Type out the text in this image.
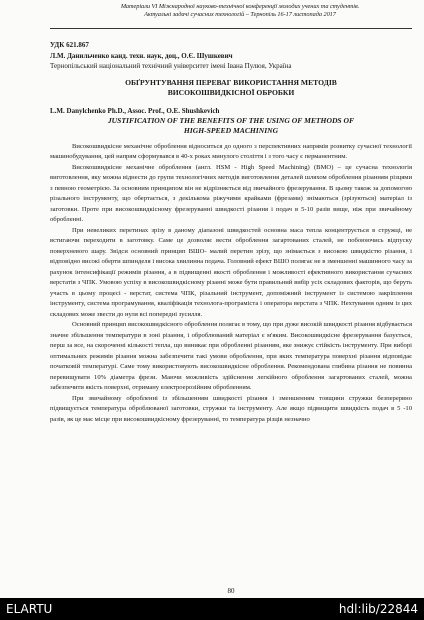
Матеріали VI Міжнародної науково-технічної конференції молодих учених та студентів.
Актуальні задачі сучасних технологій – Тернопіль 16-17 листопада 2017

УДК 621.867

Л.М. Данильченко канд. техн. наук, доц., О.Є. Шушкевич

Тернопільський національний технічний університет імені Івана Пулюя, Україна

ОБҐРУНТУВАННЯ ПЕРЕВАГ ВИКОРИСТАННЯ МЕТОДІВ
ВИСОКОШВИДКІСНОЇ ОБРОБКИ

L.M. Danylchenko Ph.D., Assoc. Prof., O.E. Shushkevich

JUSTIFICATION OF THE BENEFITS OF THE USING OF METHODS OF
HIGH-SPEED MACHINING

Високошвидкісне механічне оброблення відноситься до одного з перспективних напрямів розвитку сучасної технології машинобудування, цей напрям сформувався в 40-х роках минулого століття і з того часу є перманентним.

Високошвидкісне механічне оброблення (англ. HSM - High Speed Machining) (ВМО) – це сучасна технологія виготовлення, яку можна віднести до групи технологічних методів виготовлення деталей шляхом оброблення різанням різцями з певною геометрією. За основним принципом він не відрізняється від звичайного фрезерування. В цьому також за допомогою різального інструменту, що обертається, з декількома ріжучими крайками (фрезами) знімаються (зрізуються) матеріал із заготовки. Проте при високошвидкісному фрезеруванні швидкості різання і подач в 5-10 разів вище, ніж при звичайному обробленні.

При невеликих перетинах зрізу в даному діапазоні швидкостей основна маса тепла концентрується в стружці, не встигаючи переходити в заготовку. Саме це дозволяє вести оброблення загартованих сталей, не побоюючись відпуску поверхневого шару. Звідси основний принцип ВШО- малий перетин зрізу, що знімається з високою швидкістю різання, і відповідно високі оберти шпинделя і висока хвилинна подача. Головний ефект ВШО полягає не в зменшенні машинного часу за рахунок інтенсифікації режимів різання, а в підвищенні якості оброблення і можливості ефективного використання сучасних верстатів з ЧПК. Умовою успіху в високошвидкісному різанні може бути правильний вибір усіх складових факторів, що беруть участь в цьому процесі - верстат, система ЧПК, різальний інструмент, допоміжний інструмент із системою закріплення інструменту, система програмування, кваліфікація технолога-програміста і оператора верстата з ЧПК. Нехтування одним із цих складових може звести до нуля всі попередні зусилля.

Основний принцип високошвидкісного оброблення полягає в тому, що при дуже високій швидкості різання відбувається значне збільшення температури в зоні різання, і оброблюваний матеріал є м'яким. Високошвидкісне фрезерування базується, перш за все, на скороченні кількості тепла, що виникає при обробленні різанням, яке знижує стійкість інструменту. При виборі оптимальних режимів різання можна забезпечити такі умови оброблення, при яких температура поверхні різання відповідає початковій температурі. Саме тому використовують високошвидкісне оброблення. Рекомендована глибина різання не повинна перевищувати 10% діаметра фрези. Маючи можливість здійснення легкійного оброблення загартованих сталей, можна забезпечити якість поверхні, отриману електроерозійним обробленням.

При звичайному обробленні із збільшенням швидкості різання і зменшенням товщини стружки безперервно підвищується температура оброблюваної заготовки, стружки та інструменту. Але якщо підвищити швидкість подач в 5 -10 разів, як це має місце при високошвидкісному фрезеруванні, то температура різців незначно

80
ELARTU	hdl:lib/22844
